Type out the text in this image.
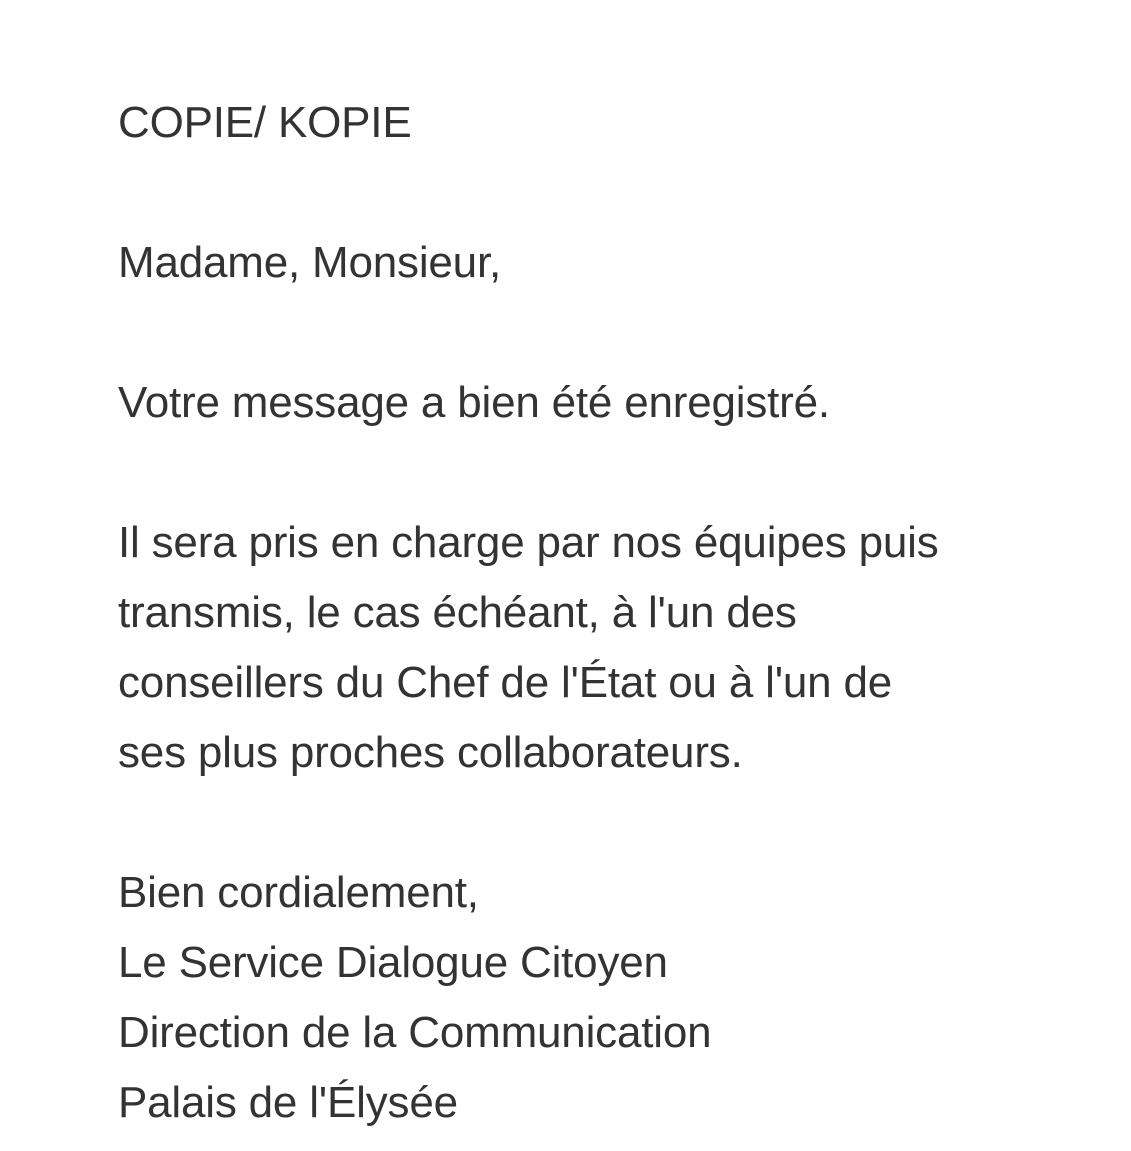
COPIE/ KOPIE
Madame, Monsieur,
Votre message a bien été enregistré.
Il sera pris en charge par nos équipes puis
transmis, le cas échéant, à l'un des
conseillers du Chef de l'État ou à l'un de
ses plus proches collaborateurs.
Bien cordialement,
Le Service Dialogue Citoyen
Direction de la Communication
Palais de l'Élysée
